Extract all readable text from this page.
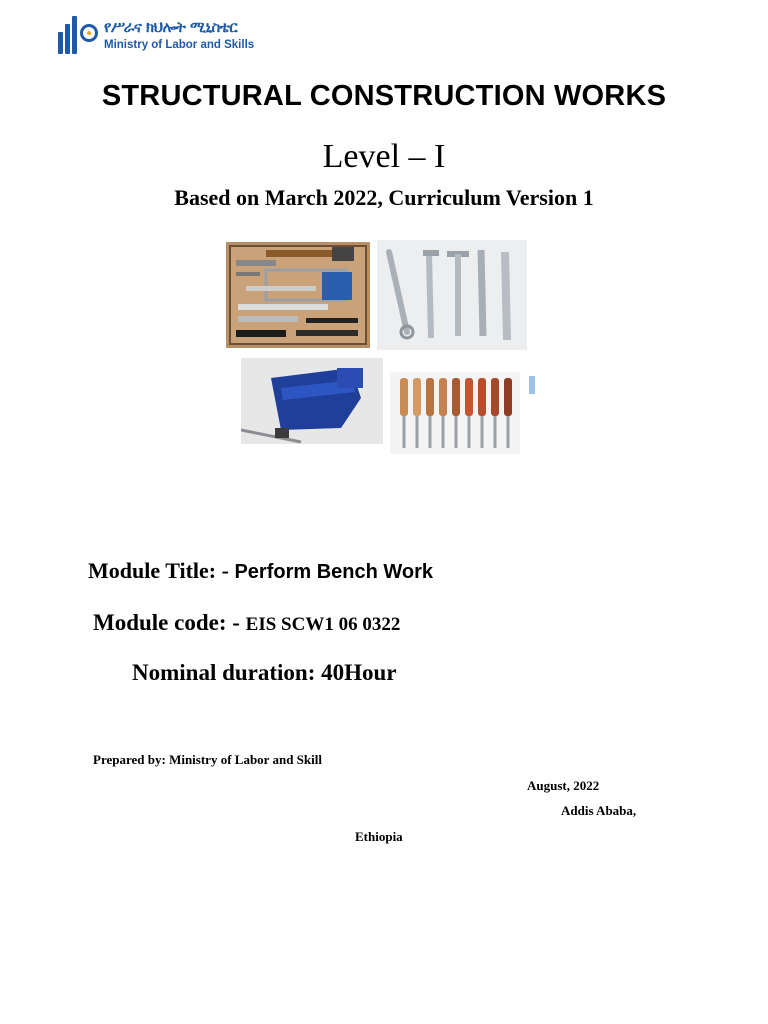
የሥራና ክህሎት ሚኒስቴር
Ministry of Labor and Skills
STRUCTURAL CONSTRUCTION WORKS
Level – I
Based on March 2022, Curriculum Version 1
Module Title: - Perform Bench Work
Module code: - EIS SCW1 06 0322
Nominal duration: 40Hour
Prepared by: Ministry of Labor and Skill
August, 2022
Addis Ababa,
Ethiopia
